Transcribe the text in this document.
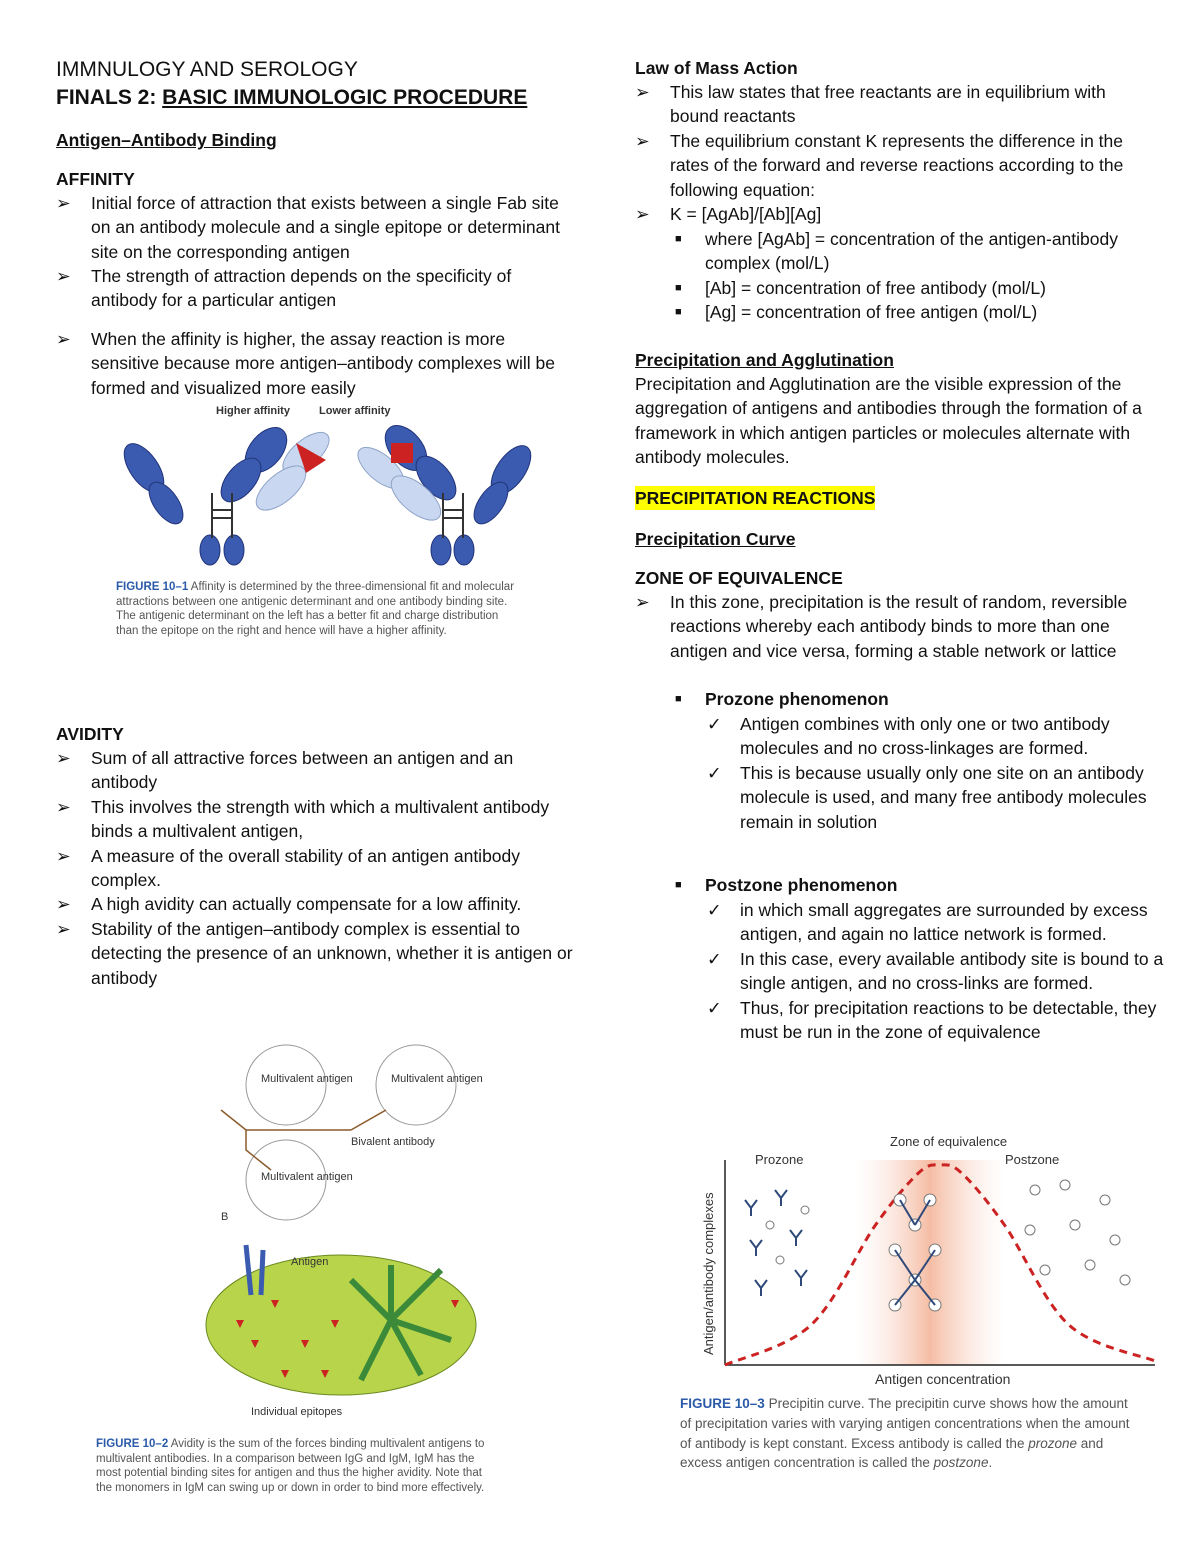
IMMNULOGY AND SEROLOGY
FINALS 2: BASIC IMMUNOLOGIC PROCEDURE
Antigen–Antibody Binding
AFFINITY
➢ Initial force of attraction that exists between a single Fab site on an antibody molecule and a single epitope or determinant site on the corresponding antigen
➢ The strength of attraction depends on the specificity of antibody for a particular antigen
➢ When the affinity is higher, the assay reaction is more sensitive because more antigen–antibody complexes will be formed and visualized more easily
Higher affinity	Lower affinity
FIGURE 10–1 Affinity is determined by the three-dimensional fit and molecular attractions between one antigenic determinant and one antibody binding site. The antigenic determinant on the left has a better fit and charge distribution than the epitope on the right and hence will have a higher affinity.
AVIDITY
➢ Sum of all attractive forces between an antigen and an antibody
➢ This involves the strength with which a multivalent antibody binds a multivalent antigen,
➢ A measure of the overall stability of an antigen antibody complex.
➢ A high avidity can actually compensate for a low affinity.
➢ Stability of the antigen–antibody complex is essential to detecting the presence of an unknown, whether it is antigen or antibody
Multivalent antigen	Multivalent antigen
Multivalent antigen
Bivalent antibody
B
Antigen
Individual epitopes
FIGURE 10–2 Avidity is the sum of the forces binding multivalent antigens to multivalent antibodies. In a comparison between IgG and IgM, IgM has the most potential binding sites for antigen and thus the higher avidity. Note that the monomers in IgM can swing up or down in order to bind more effectively.
Law of Mass Action
➢ This law states that free reactants are in equilibrium with bound reactants
➢ The equilibrium constant K represents the difference in the rates of the forward and reverse reactions according to the following equation:
➢ K = [AgAb]/[Ab][Ag]
■ where [AgAb] = concentration of the antigen-antibody complex (mol/L)
■ [Ab] = concentration of free antibody (mol/L)
■ [Ag] = concentration of free antigen (mol/L)
Precipitation and Agglutination
Precipitation and Agglutination are the visible expression of the aggregation of antigens and antibodies through the formation of a framework in which antigen particles or molecules alternate with antibody molecules.
PRECIPITATION REACTIONS
Precipitation Curve
ZONE OF EQUIVALENCE
➢ In this zone, precipitation is the result of random, reversible reactions whereby each antibody binds to more than one antigen and vice versa, forming a stable network or lattice
■ Prozone phenomenon
✓ Antigen combines with only one or two antibody molecules and no cross-linkages are formed.
✓ This is because usually only one site on an antibody molecule is used, and many free antibody molecules remain in solution
■ Postzone phenomenon
✓ in which small aggregates are surrounded by excess antigen, and again no lattice network is formed.
✓ In this case, every available antibody site is bound to a single antigen, and no cross-links are formed.
✓ Thus, for precipitation reactions to be detectable, they must be run in the zone of equivalence
Prozone
Zone of equivalence
Postzone
Antigen concentration
Antigen/antibody complexes
FIGURE 10–3 Precipitin curve. The precipitin curve shows how the amount of precipitation varies with varying antigen concentrations when the amount of antibody is kept constant. Excess antibody is called the prozone and excess antigen concentration is called the postzone.
